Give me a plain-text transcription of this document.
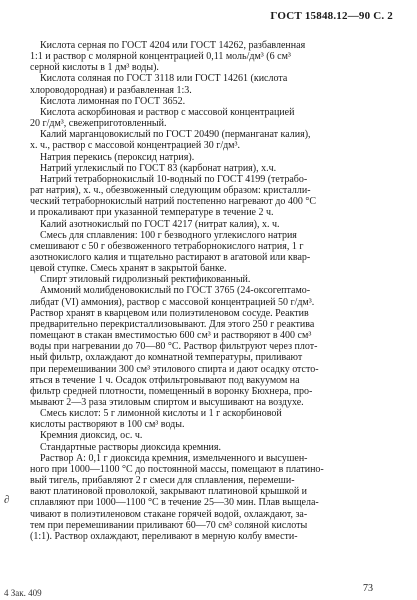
ГОСТ 15848.12—90 С. 2
Кислота серная по ГОСТ 4204 или ГОСТ 14262, разбавленная
1:1 и раствор с молярной концентрацией 0,11 моль/дм³ (6 см³
серной кислоты в 1 дм³ воды).
Кислота соляная по ГОСТ 3118 или ГОСТ 14261 (кислота
хлороводородная) и разбавленная 1:3.
Кислота лимонная по ГОСТ 3652.
Кислота аскорбиновая и раствор с массовой концентрацией
20 г/дм³, свежеприготовленный.
Калий марганцовокислый по ГОСТ 20490 (перманганат калия),
х. ч., раствор с массовой концентрацией 30 г/дм³.
Натрия перекись (пероксид натрия).
Натрий углекислый по ГОСТ 83 (карбонат натрия), х.ч.
Натрий тетраборнокислый 10-водный по ГОСТ 4199 (тетрабо-
рат натрия), х. ч., обезвоженный следующим образом: кристалли-
ческий тетраборнокислый натрий постепенно нагревают до 400 °С
и прокаливают при указанной температуре в течение 2 ч.
Калий азотнокислый по ГОСТ 4217 (нитрат калия), х. ч.
Смесь для сплавления: 100 г безводного углекислого натрия
смешивают с 50 г обезвоженного тетраборнокислого натрия, 1 г
азотнокислого калия и тщательно растирают в агатовой или квар-
цевой ступке. Смесь хранят в закрытой банке.
Спирт этиловый гидролизный ректификованный.
Аммоний молибденовокислый по ГОСТ 3765 (24-оксогептамо-
либдат (VI) аммония), раствор с массовой концентрацией 50 г/дм³.
Раствор хранят в кварцевом или полиэтиленовом сосуде. Реактив
предварительно перекристаллизовывают. Для этого 250 г реактива
помещают в стакан вместимостью 600 см³ и растворяют в 400 см³
воды при нагревании до 70—80 °С. Раствор фильтруют через плот-
ный фильтр, охлаждают до комнатной температуры, приливают
при перемешивании 300 см³ этилового спирта и дают осадку отсто-
яться в течение 1 ч. Осадок отфильтровывают под вакуумом на
фильтр средней плотности, помещенный в воронку Бюхнера, про-
мывают 2—3 раза этиловым спиртом и высушивают на воздухе.
Смесь кислот: 5 г лимонной кислоты и 1 г аскорбиновой
кислоты растворяют в 100 см³ воды.
Кремния диоксид, ос. ч.
Стандартные растворы диоксида кремния.
Раствор А: 0,1 г диоксида кремния, измельченного и высушен-
ного при 1000—1100 °С до постоянной массы, помещают в платино-
вый тигель, прибавляют 2 г смеси для сплавления, перемеши-
вают платиновой проволокой, закрывают платиновой крышкой и
сплавляют при 1000—1100 °С в течение 25—30 мин. Плав выщела-
чивают в полиэтиленовом стакане горячей водой, охлаждают, за-
тем при перемешивании приливают 60—70 см³ соляной кислоты
(1:1). Раствор охлаждают, переливают в мерную колбу вмести-
∂
4 Зак. 409	73
